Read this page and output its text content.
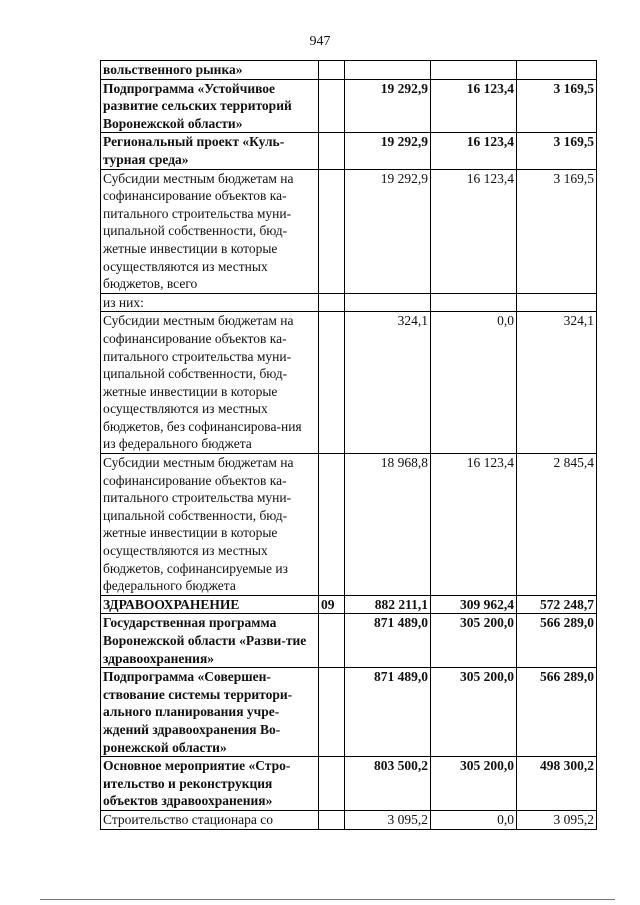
947
вольственного рынка»				
Подпрограмма «Устойчивое развитие сельских территорий Воронежской области»		19 292,9	16 123,4	3 169,5
Региональный проект «Куль-турная среда»		19 292,9	16 123,4	3 169,5
Субсидии местным бюджетам на софинансирование объектов ка-питального строительства муни-ципальной собственности, бюд-жетные инвестиции в которые осуществляются из местных бюджетов, всего		19 292,9	16 123,4	3 169,5
из них:				
Субсидии местным бюджетам на софинансирование объектов ка-питального строительства муни-ципальной собственности, бюд-жетные инвестиции в которые осуществляются из местных бюджетов, без софинансирова-ния из федерального бюджета		324,1	0,0	324,1
Субсидии местным бюджетам на софинансирование объектов ка-питального строительства муни-ципальной собственности, бюд-жетные инвестиции в которые осуществляются из местных бюджетов, софинансируемые из федерального бюджета		18 968,8	16 123,4	2 845,4
ЗДРАВООХРАНЕНИЕ	09	882 211,1	309 962,4	572 248,7
Государственная программа Воронежской области «Разви-тие здравоохранения»		871 489,0	305 200,0	566 289,0
Подпрограмма «Совершен-ствование системы территори-ального планирования учре-ждений здравоохранения Во-ронежской области»		871 489,0	305 200,0	566 289,0
Основное мероприятие «Стро-ительство и реконструкция объектов здравоохранения»		803 500,2	305 200,0	498 300,2
Строительство стационара со		3 095,2	0,0	3 095,2
